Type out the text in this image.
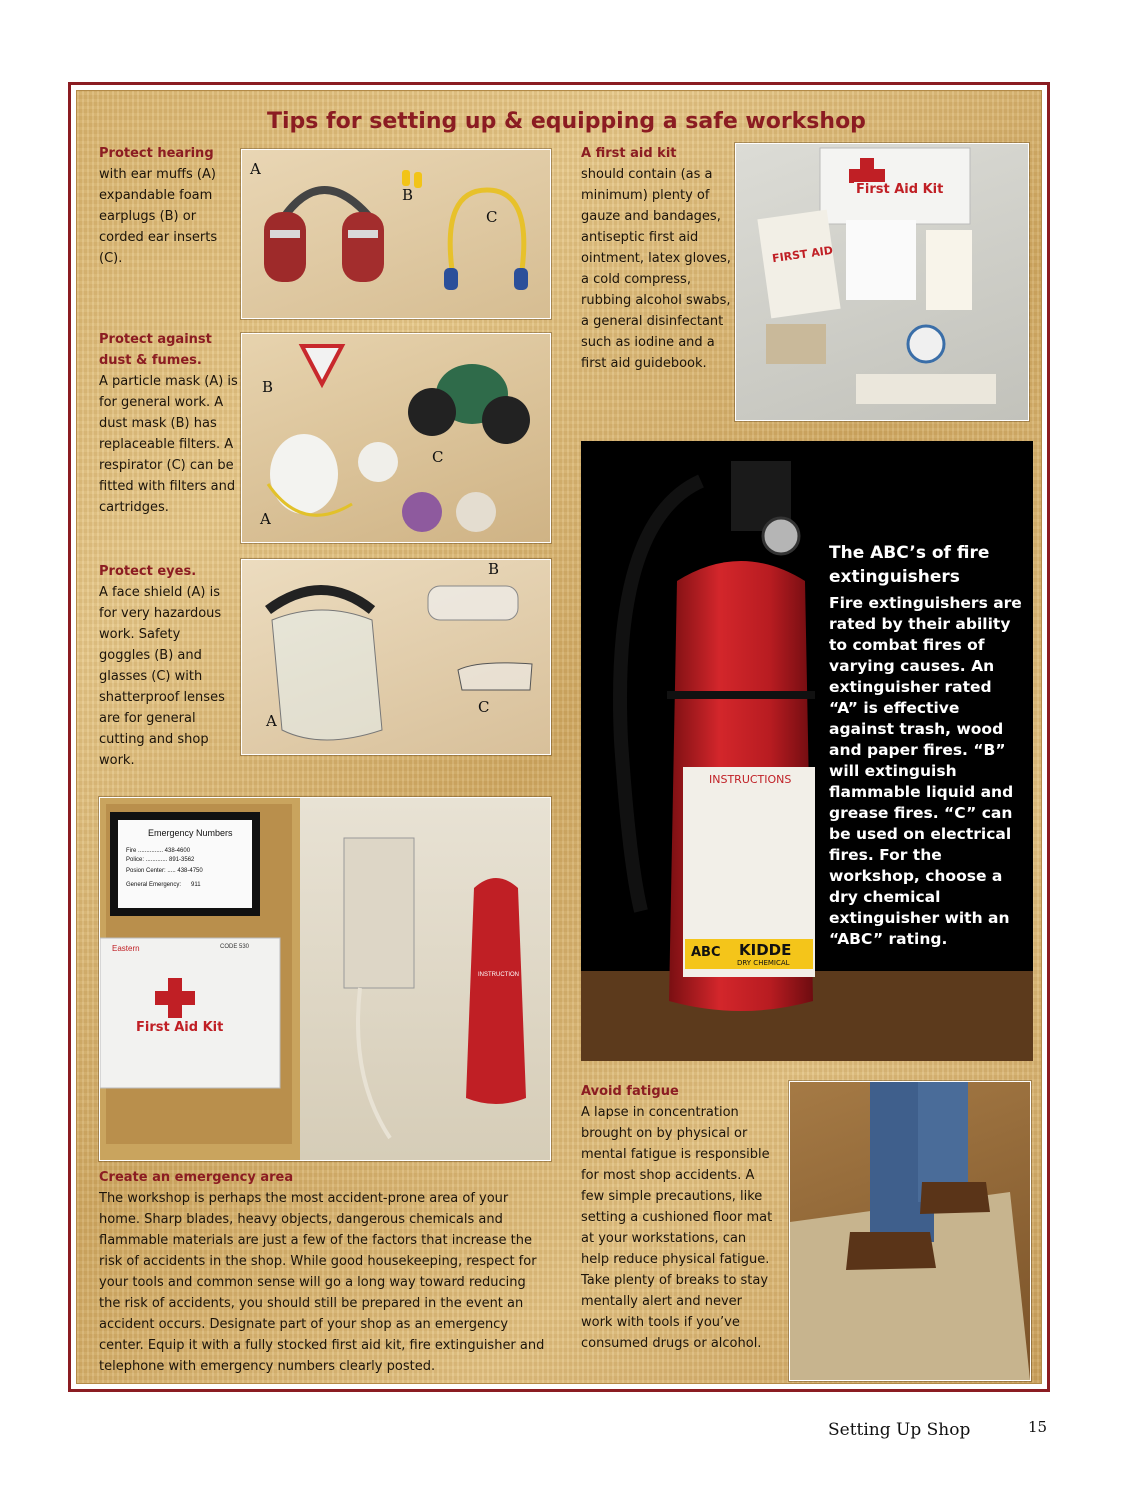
Tips for setting up & equipping a safe workshop
Protect hearing
with ear muffs (A) expandable foam earplugs (B) or corded ear inserts (C).
A
B
C
Protect against dust & fumes.
A particle mask (A) is for general work. A dust mask (B) has replaceable filters. A respirator (C) can be fitted with filters and cartridges.
B
C
A
Protect eyes.
A face shield (A) is for very hazardous work. Safety goggles (B) and glasses (C) with shatterproof lenses are for general cutting and shop work.
B
A
C
A first aid kit
should contain (as a minimum) plenty of gauze and bandages, antiseptic first aid ointment, latex gloves, a cold compress, rubbing alcohol swabs, a general disinfectant such as iodine and a first aid guidebook.
First Aid Kit
FIRST AID
INSTRUCTIONS
ABC KIDDE
DRY CHEMICAL
The ABC’s of fire extinguishers
Fire extinguishers are rated by their ability to combat fires of varying causes. An extinguisher rated “A” is effective against trash, wood and paper fires. “B” will extinguish flammable liquid and grease fires. “C” can be used on electrical fires. For the workshop, choose a dry chemical extinguisher with an “ABC” rating.
Emergency Numbers
Fire ............... 438-4600
Police: ............. 891-3562
Posion Center: ..... 438-4750
General Emergency:      911
Eastern	CODE 530
First Aid Kit
INSTRUCTION
Create an emergency area
The workshop is perhaps the most accident-prone area of your home. Sharp blades, heavy objects, dangerous chemicals and flammable materials are just a few of the factors that increase the risk of accidents in the shop. While good housekeeping, respect for your tools and common sense will go a long way toward reducing the risk of accidents, you should still be prepared in the event an accident occurs. Designate part of your shop as an emergency center. Equip it with a fully stocked first aid kit, fire extinguisher and telephone with emergency numbers clearly posted.
Avoid fatigue
A lapse in concentration brought on by physical or mental fatigue is responsible for most shop accidents. A few simple precautions, like setting a cushioned floor mat at your workstations, can help reduce physical fatigue. Take plenty of breaks to stay mentally alert and never work with tools if you’ve consumed drugs or alcohol.
Setting Up Shop	15
